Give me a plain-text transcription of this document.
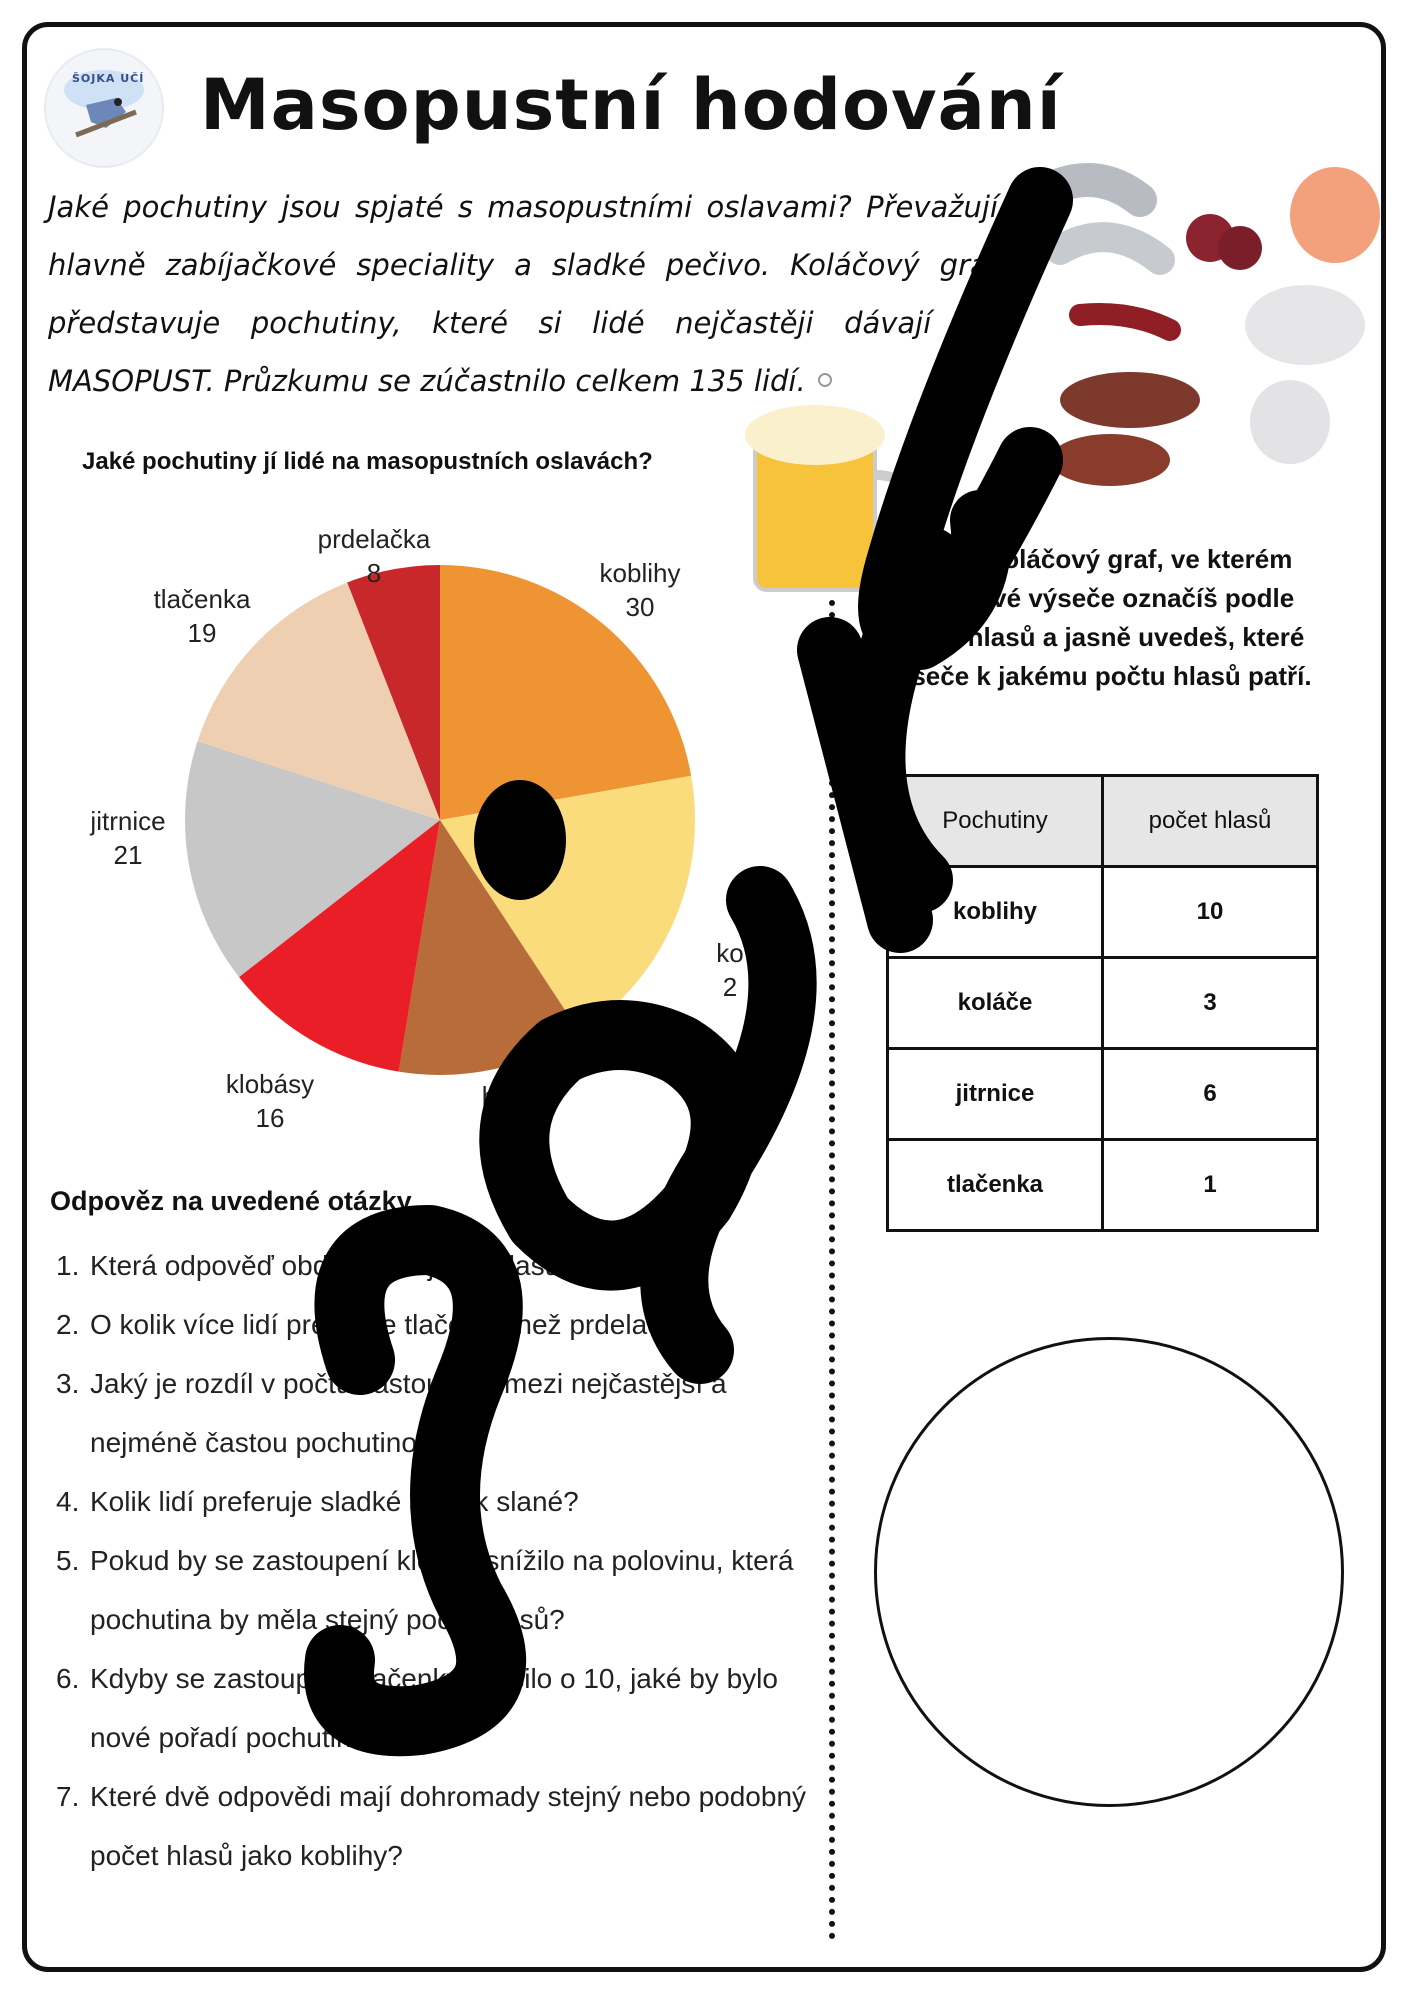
ŠOJKA UČÍ Masopustní hodování
Jaké pochutiny jsou spjaté s masopustními oslavami? Převažují hlavně zabíjačkové speciality a sladké pečivo. Koláčový graf představuje pochutiny, které si lidé nejčastěji dávají na MASOPUST. Průzkumu se zúčastnilo celkem 135 lidí.
Jaké pochutiny jí lidé na masopustních oslavách?
koblihy
30
ko
2
buch
1
klobásy
16
jitrnice
21
tlačenka
19
prdelačka
8	Vytvoř koláčový graf, ve kterém jednotlivé výseče označíš podle počtu hlasů a jasně uvedeš, které výseče k jakému počtu hlasů patří.
Pochutiny	počet hlasů
koblihy	10
koláče	3
jitrnice	6
tlačenka	1
Odpověz na uvedené otázky.
1. Která odpověď obdržela nejvíce hlasů?
2. O kolik více lidí preferuje tlačenku než prdelačku?
3. Jaký je rozdíl v počtu zastoupení mezi nejčastější a nejméně častou pochutinou?
4. Kolik lidí preferuje sladké a kolik slané?
5. Pokud by se zastoupení klobás snížilo na polovinu, která pochutina by měla stejný počet hlasů?
6. Kdyby se zastoupení tlačenky zvýšilo o 10, jaké by bylo nové pořadí pochutin?
7. Které dvě odpovědi mají dohromady stejný nebo podobný počet hlasů jako koblihy?
